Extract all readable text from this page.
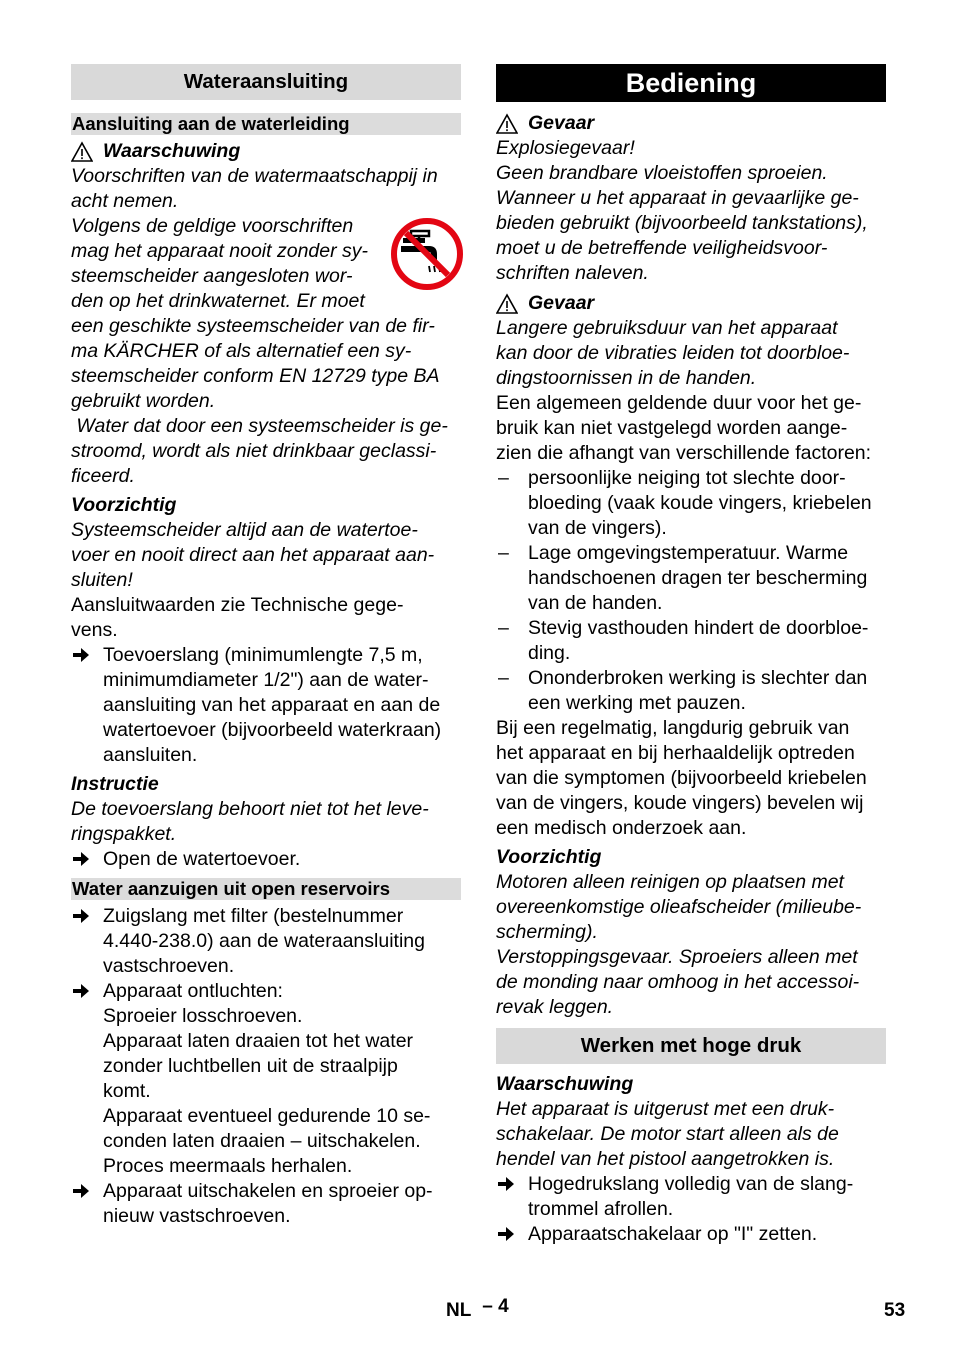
Wateraansluiting
Aansluiting aan de waterleiding
Waarschuwing

Voorschriften van de watermaatschappij in

acht nemen.

Volgens de geldige voorschriften

mag het apparaat nooit zonder sy-

steemscheider aangesloten wor-

den op het drinkwaternet. Er moet

een geschikte systeemscheider van de fir-

ma KÄRCHER of als alternatief een sy-

steemscheider conform EN 12729 type BA

gebruikt worden.

Water dat door een systeemscheider is ge-

stroomd, wordt als niet drinkbaar geclassi-

ficeerd.

Voorzichtig

Systeemscheider altijd aan de watertoe-

voer en nooit direct aan het apparaat aan-

sluiten!

Aansluitwaarden zie Technische gege-

vens.

Toevoerslang (minimumlengte 7,5 m,

minimumdiameter 1/2") aan de water-

aansluiting van het apparaat en aan de

watertoevoer (bijvoorbeeld waterkraan)

aansluiten.

Instructie

De toevoerslang behoort niet tot het leve-

ringspakket.

Open de watertoevoer.

Water aanzuigen uit open reservoirs

Zuigslang met filter (bestelnummer

4.440-238.0) aan de wateraansluiting

vastschroeven.

Apparaat ontluchten:

Sproeier losschroeven.

Apparaat laten draaien tot het water

zonder luchtbellen uit de straalpijp

komt.

Apparaat eventueel gedurende 10 se-

conden laten draaien – uitschakelen.

Proces meermaals herhalen.

Apparaat uitschakelen en sproeier op-

nieuw vastschroeven.

Bediening
Gevaar

Explosiegevaar!

Geen brandbare vloeistoffen sproeien.

Wanneer u het apparaat in gevaarlijke ge-

bieden gebruikt (bijvoorbeeld tankstations),

moet u de betreffende veiligheidsvoor-

schriften naleven.

Gevaar

Langere gebruiksduur van het apparaat

kan door de vibraties leiden tot doorbloe-

dingstoornissen in de handen.

Een algemeen geldende duur voor het ge-

bruik kan niet vastgelegd worden aange-

zien die afhangt van verschillende factoren:

– persoonlijke neiging tot slechte door-

bloeding (vaak koude vingers, kriebelen

van de vingers).

– Lage omgevingstemperatuur. Warme

handschoenen dragen ter bescherming

van de handen.

– Stevig vasthouden hindert de doorbloe-

ding.

– Ononderbroken werking is slechter dan

een werking met pauzen.

Bij een regelmatig, langdurig gebruik van

het apparaat en bij herhaaldelijk optreden

van die symptomen (bijvoorbeeld kriebelen

van de vingers, koude vingers) bevelen wij

een medisch onderzoek aan.

Voorzichtig

Motoren alleen reinigen op plaatsen met

overeenkomstige olieafscheider (milieube-

scherming).

Verstoppingsgevaar. Sproeiers alleen met

de monding naar omhoog in het accessoi-

revak leggen.

Werken met hoge druk
Waarschuwing

Het apparaat is uitgerust met een druk-

schakelaar. De motor start alleen als de

hendel van het pistool aangetrokken is.

Hogedrukslang volledig van de slang-

trommel afrollen.

Apparaatschakelaar op "I" zetten.

NL – 4	53
